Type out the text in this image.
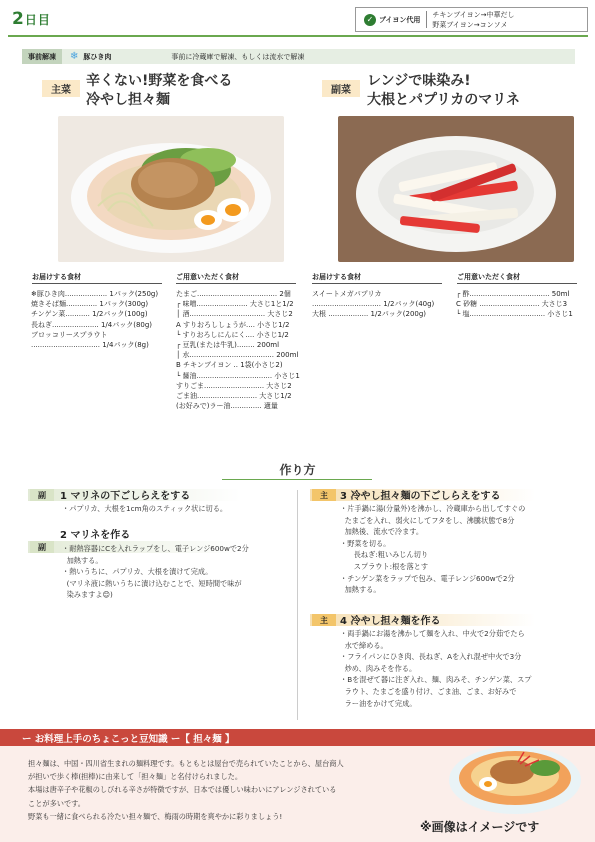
2日目	✓ ブイヨン代用
チキンブイヨン→中華だし
野菜ブイヨン→コンソメ
事前解凍	❄ 豚ひき肉	事前に冷蔵庫で解凍、もしくは流水で解凍
主菜
辛くない!野菜を食べる
冷やし担々麺
副菜
レンジで味染み!
大根とパプリカのマリネ
お届けする食材
❄豚ひき肉................... 1パック(250g)
焼きそば麺.............. 1パック(300g)
チンゲン菜........... 1/2パック(100g)
長ねぎ..................... 1/4パック(80g)
ブロッコリースプラウト
............................... 1/4パック(8g)
ご用意いただく食材
たまご.................................... 2個
┌ 味噌....................... 大さじ1と1/2
│ 酒.................................. 大さじ2
A すりおろししょうが.... 小さじ1/2
└ すりおろしにんにく.... 小さじ1/2
┌ 豆乳(または牛乳)........ 200ml
│ 水...................................... 200ml
B チキンブイヨン .. 1袋(小さじ2)
└ 醤油.................................. 小さじ1
すりごま........................... 大さじ2
ごま油........................... 大さじ1/2
(お好みで)ラー油.............. 適量
お届けする食材
スイートメガパプリカ
............................... 1/2パック(40g)
大根 .................. 1/2パック(200g)
ご用意いただく食材
┌ 酢.................................... 50ml
C 砂糖 ........................... 大さじ3
└ 塩.................................. 小さじ1
作り方
副	1 マリネの下ごしらえをする
・パプリカ、大根を1cm角のスティック状に切る。
副
2 マリネを作る
・耐熱容器にCを入れラップをし、電子レンジ600wで2分
加熱する。
・熱いうちに、パプリカ、大根を漬けて完成。
(マリネ液に熱いうちに漬け込むことで、短時間で味が
染みますよ😊)
主	3 冷やし担々麺の下ごしらえをする
・片手鍋に湯(分量外)を沸かし、冷蔵庫から出してすぐの
たまごを入れ、弱火にしてフタをし、沸騰状態で8分
加熱後、流水で冷ます。
・野菜を切る。
長ねぎ:粗いみじん切り
スプラウト:根を落とす
・チンゲン菜をラップで包み、電子レンジ600wで2分
加熱する。
主	4 冷やし担々麺を作る
・両手鍋にお湯を沸かして麺を入れ、中火で2分茹でたら
水で締める。
・フライパンにひき肉、長ねぎ、Aを入れ混ぜ中火で3分
炒め、肉みそを作る。
・Bを混ぜて器に注ぎ入れ、麺、肉みそ、チンゲン菜、スプ
ラウト、たまごを盛り付け、ごま油、ごま、お好みで
ラー油をかけて完成。
ー お料理上手のちょこっと豆知識 ー【 担々麺 】
担々麺は、中国・四川省生まれの麺料理です。もともとは屋台で売られていたことから、屋台商人
が担いで歩く棒(担棒)に由来して「担々麺」と名付けられました。
本場は唐辛子や花椒のしびれる辛さが特徴ですが、日本では優しい味わいにアレンジされている
ことが多いです。
野菜も一緒に食べられる冷たい担々麺で、梅雨の時期を爽やかに彩りましょう!
※画像はイメージです
